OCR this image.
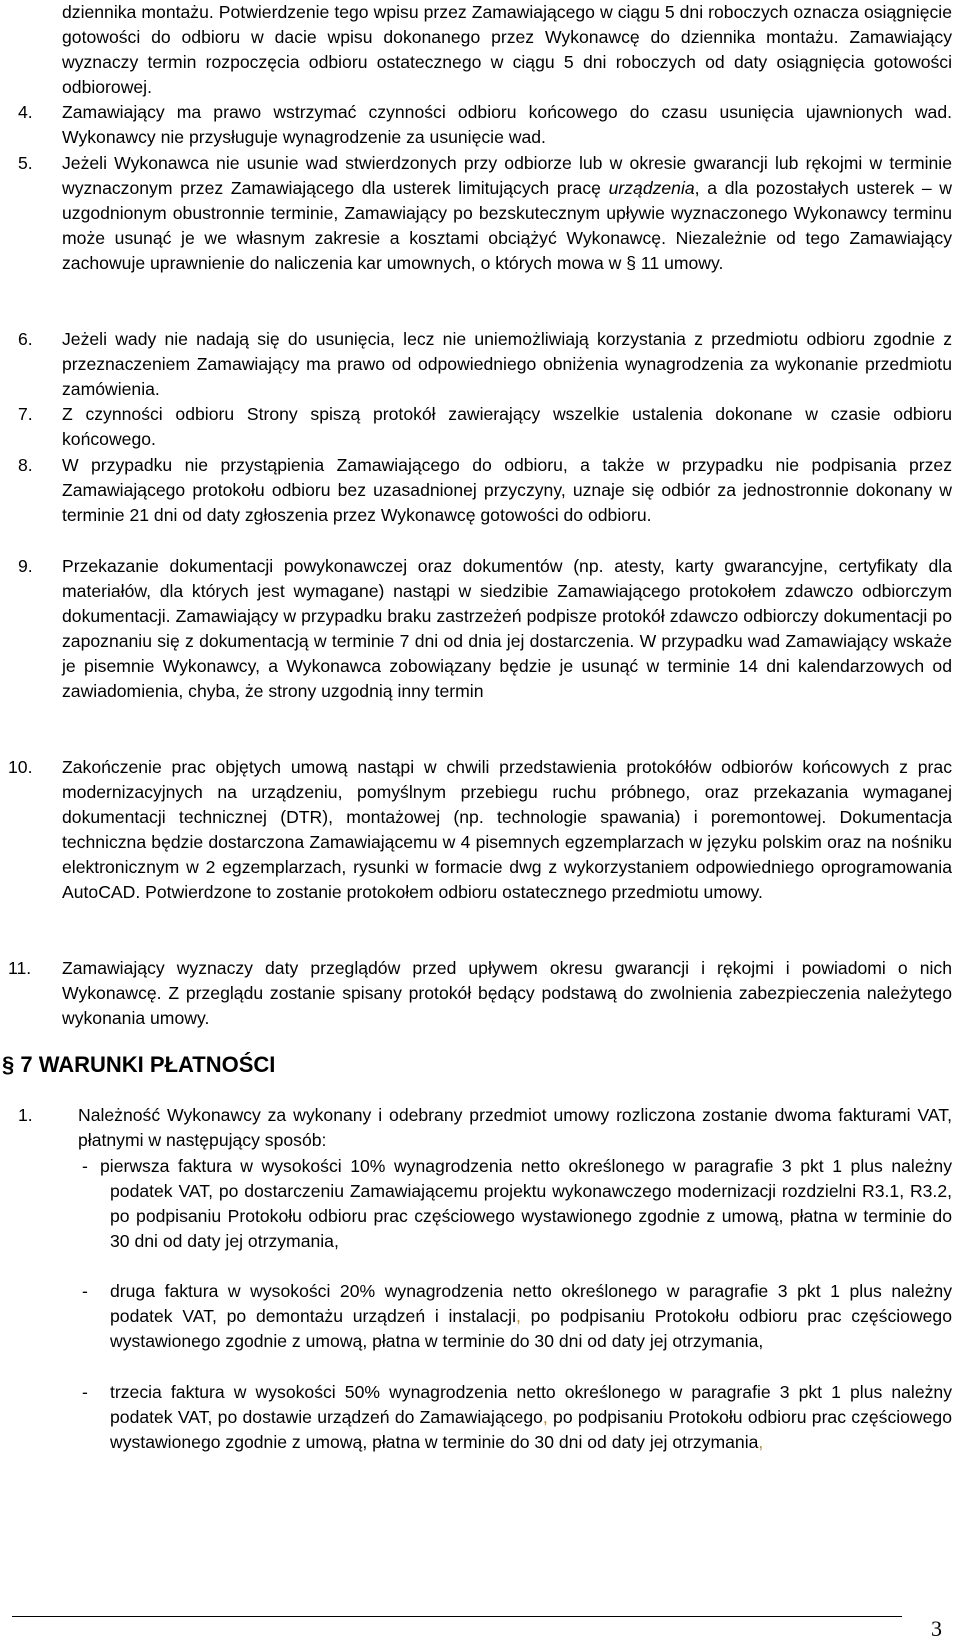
dziennika montażu. Potwierdzenie tego wpisu przez Zamawiającego w ciągu 5 dni roboczych oznacza osiągnięcie gotowości do odbioru w dacie wpisu dokonanego przez Wykonawcę do dziennika montażu. Zamawiający wyznaczy termin rozpoczęcia odbioru ostatecznego w ciągu 5 dni roboczych od daty osiągnięcia gotowości odbiorowej.
4. Zamawiający ma prawo wstrzymać czynności odbioru końcowego do czasu usunięcia ujawnionych wad. Wykonawcy nie przysługuje wynagrodzenie za usunięcie wad.
5. Jeżeli Wykonawca nie usunie wad stwierdzonych przy odbiorze lub w okresie gwarancji lub rękojmi w terminie wyznaczonym przez Zamawiającego dla usterek limitujących pracę urządzenia, a dla pozostałych usterek – w uzgodnionym obustronnie terminie, Zamawiający po bezskutecznym upływie wyznaczonego Wykonawcy terminu może usunąć je we własnym zakresie a kosztami obciążyć Wykonawcę. Niezależnie od tego Zamawiający zachowuje uprawnienie do naliczenia kar umownych, o których mowa w § 11 umowy.
6. Jeżeli wady nie nadają się do usunięcia, lecz nie uniemożliwiają korzystania z przedmiotu odbioru zgodnie z przeznaczeniem Zamawiający ma prawo od odpowiedniego obniżenia wynagrodzenia za wykonanie przedmiotu zamówienia.
7. Z czynności odbioru Strony spiszą protokół zawierający wszelkie ustalenia dokonane w czasie odbioru końcowego.
8. W przypadku nie przystąpienia Zamawiającego do odbioru, a także w przypadku nie podpisania przez Zamawiającego protokołu odbioru bez uzasadnionej przyczyny, uznaje się odbiór za jednostronnie dokonany w terminie 21 dni od daty zgłoszenia przez Wykonawcę gotowości do odbioru.
9. Przekazanie dokumentacji powykonawczej oraz dokumentów (np. atesty, karty gwarancyjne, certyfikaty dla materiałów, dla których jest wymagane) nastąpi w siedzibie Zamawiającego protokołem zdawczo odbiorczym dokumentacji. Zamawiający w przypadku braku zastrzeżeń podpisze protokół zdawczo odbiorczy dokumentacji po zapoznaniu się z dokumentacją w terminie 7 dni od dnia jej dostarczenia. W przypadku wad Zamawiający wskaże je pisemnie Wykonawcy, a Wykonawca zobowiązany będzie je usunąć w terminie 14 dni kalendarzowych od zawiadomienia, chyba, że strony uzgodnią inny termin
10. Zakończenie prac objętych umową nastąpi w chwili przedstawienia protokółów odbiorów końcowych z prac modernizacyjnych na urządzeniu, pomyślnym przebiegu ruchu próbnego, oraz przekazania wymaganej dokumentacji technicznej (DTR), montażowej (np. technologie spawania) i poremontowej. Dokumentacja techniczna będzie dostarczona Zamawiającemu w 4 pisemnych egzemplarzach w języku polskim oraz na nośniku elektronicznym w 2 egzemplarzach, rysunki w formacie dwg z wykorzystaniem odpowiedniego oprogramowania AutoCAD. Potwierdzone to zostanie protokołem odbioru ostatecznego przedmiotu umowy.
11. Zamawiający wyznaczy daty przeglądów przed upływem okresu gwarancji i rękojmi i powiadomi o nich Wykonawcę. Z przeglądu zostanie spisany protokół będący podstawą do zwolnienia zabezpieczenia należytego wykonania umowy.
§ 7 WARUNKI PŁATNOŚCI
1.	Należność Wykonawcy za wykonany i odebrany przedmiot umowy rozliczona zostanie dwoma fakturami VAT, płatnymi w następujący sposób:
- pierwsza faktura w wysokości 10% wynagrodzenia netto określonego w paragrafie 3 pkt 1 plus należny podatek VAT, po dostarczeniu Zamawiającemu projektu wykonawczego modernizacji rozdzielni R3.1, R3.2, po podpisaniu Protokołu odbioru prac częściowego wystawionego zgodnie z umową, płatna w terminie do 30 dni od daty jej otrzymania,
- druga faktura w wysokości 20% wynagrodzenia netto określonego w paragrafie 3 pkt 1 plus należny podatek VAT, po demontażu urządzeń i instalacji, po podpisaniu Protokołu odbioru prac częściowego wystawionego zgodnie z umową, płatna w terminie do 30 dni od daty jej otrzymania,
- trzecia faktura w wysokości 50% wynagrodzenia netto określonego w paragrafie 3 pkt 1 plus należny podatek VAT, po dostawie urządzeń do Zamawiającego, po podpisaniu Protokołu odbioru prac częściowego wystawionego zgodnie z umową, płatna w terminie do 30 dni od daty jej otrzymania,
3
